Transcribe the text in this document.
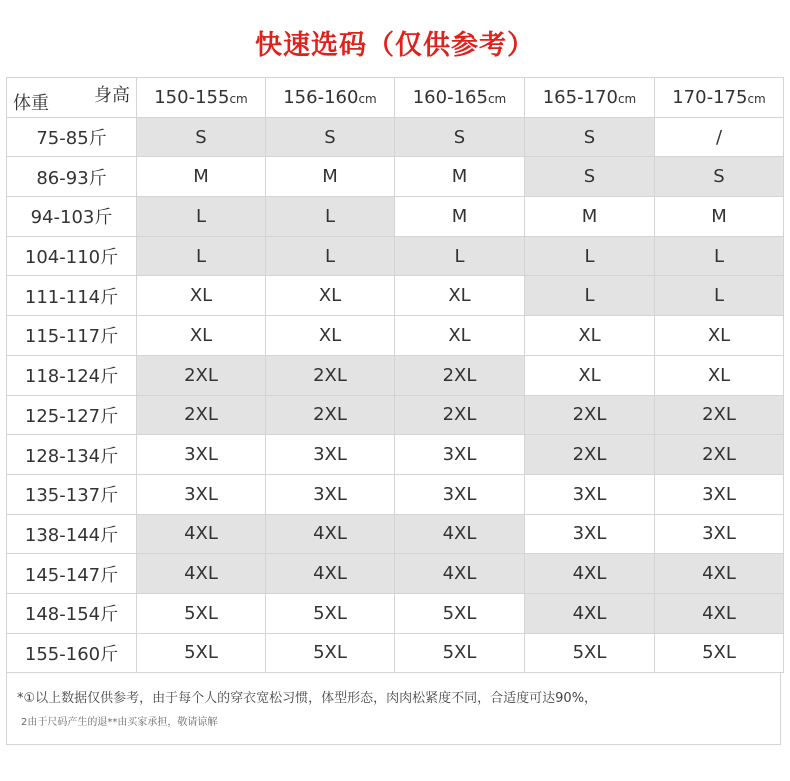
快速选码（仅供参考）
身高
体重	150-155cm	156-160cm	160-165cm	165-170cm	170-175cm
75-85斤	S	S	S	S	/
86-93斤	M	M	M	S	S
94-103斤	L	L	M	M	M
104-110斤	L	L	L	L	L
111-114斤	XL	XL	XL	L	L
115-117斤	XL	XL	XL	XL	XL
118-124斤	2XL	2XL	2XL	XL	XL
125-127斤	2XL	2XL	2XL	2XL	2XL
128-134斤	3XL	3XL	3XL	2XL	2XL
135-137斤	3XL	3XL	3XL	3XL	3XL
138-144斤	4XL	4XL	4XL	3XL	3XL
145-147斤	4XL	4XL	4XL	4XL	4XL
148-154斤	5XL	5XL	5XL	4XL	4XL
155-160斤	5XL	5XL	5XL	5XL	5XL
*①以上数据仅供参考，由于每个人的穿衣宽松习惯，体型形态，肉肉松紧度不同，合适度可达90%，
2由于尺码产生的退**由买家承担，敬请谅解
